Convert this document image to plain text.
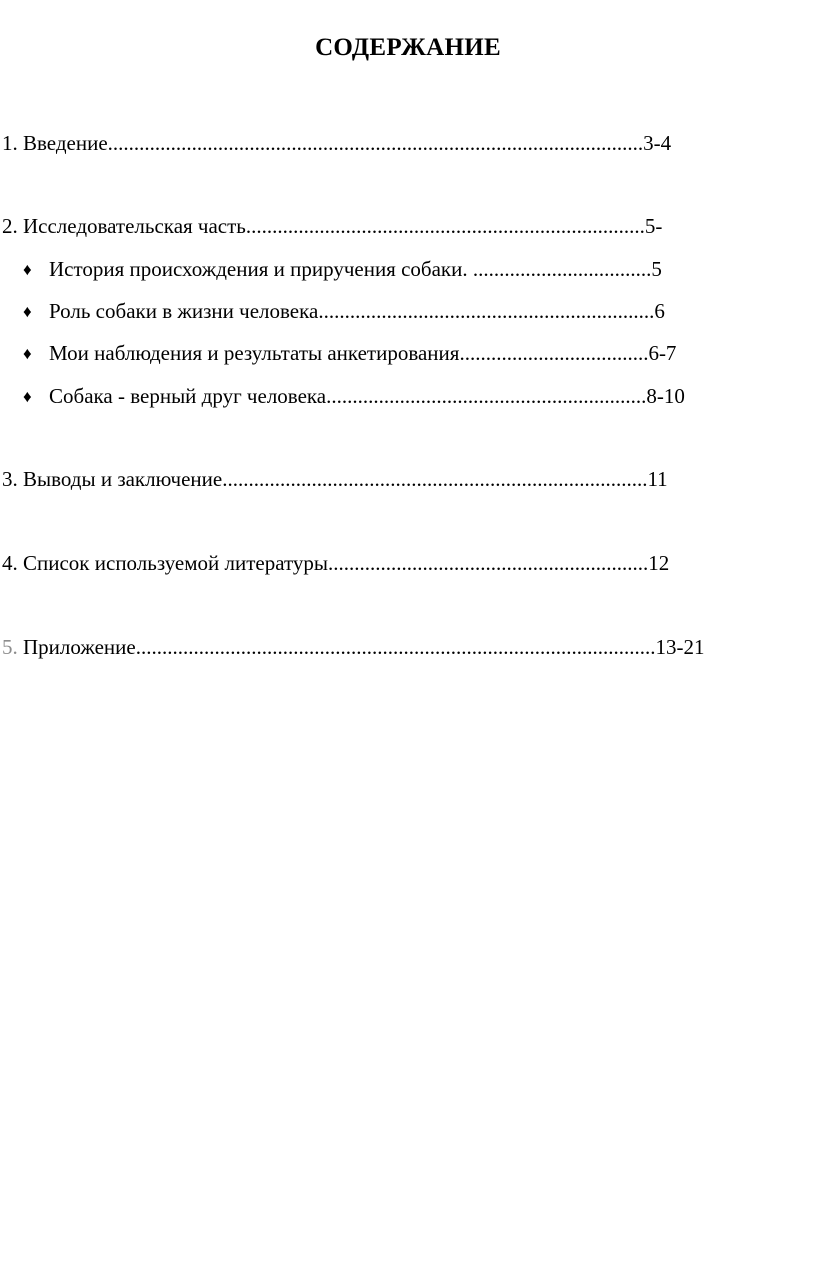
СОДЕРЖАНИЕ
1. Введение......................................................................................................3-4
2. Исследовательская часть............................................................................5-
♦ История происхождения и приручения собаки. ..................................5
♦ Роль собаки в жизни человека................................................................6
♦ Мои наблюдения и результаты анкетирования....................................6-7
♦ Собака - верный друг человека.............................................................8-10
3. Выводы и заключение.................................................................................11
4. Список используемой литературы.............................................................12
5. Приложение...................................................................................................13-21
